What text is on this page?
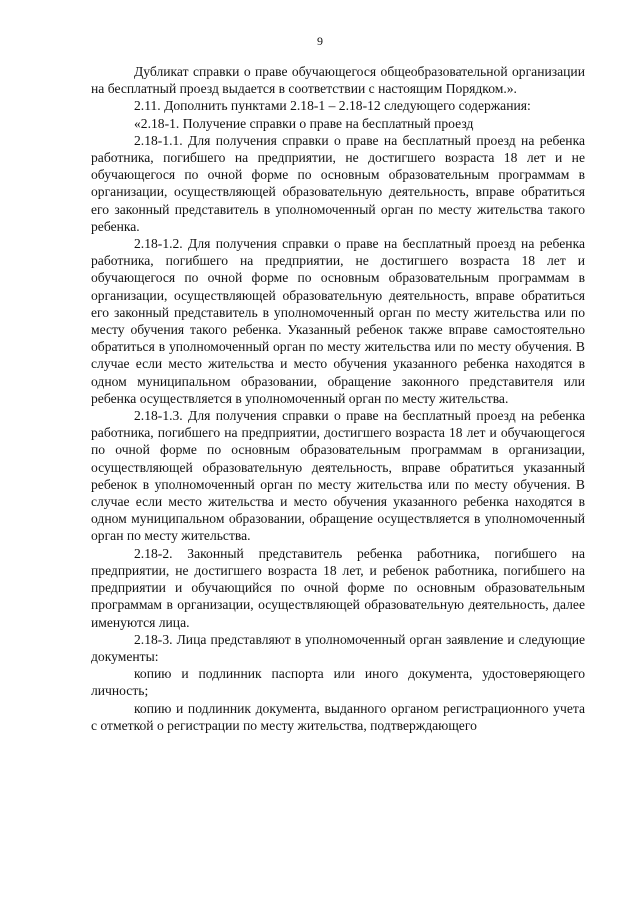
9

Дубликат справки о праве обучающегося общеобразовательной организации на бесплатный проезд выдается в соответствии с настоящим Порядком.».

2.11. Дополнить пунктами 2.18-1 – 2.18-12 следующего содержания:

«2.18-1. Получение справки о праве на бесплатный проезд

2.18-1.1. Для получения справки о праве на бесплатный проезд на ребенка работника, погибшего на предприятии, не достигшего возраста 18 лет и не обучающегося по очной форме по основным образовательным программам в организации, осуществляющей образовательную деятельность, вправе обратиться его законный представитель в уполномоченный орган по месту жительства такого ребенка.

2.18-1.2. Для получения справки о праве на бесплатный проезд на ребенка работника, погибшего на предприятии, не достигшего возраста 18 лет и обучающегося по очной форме по основным образовательным программам в организации, осуществляющей образовательную деятельность, вправе обратиться его законный представитель в уполномоченный орган по месту жительства или по месту обучения такого ребенка. Указанный ребенок также вправе самостоятельно обратиться в уполномоченный орган по месту жительства или по месту обучения. В случае если место жительства и место обучения указанного ребенка находятся в одном муниципальном образовании, обращение законного представителя или ребенка осуществляется в уполномоченный орган по месту жительства.

2.18-1.3. Для получения справки о праве на бесплатный проезд на ребенка работника, погибшего на предприятии, достигшего возраста 18 лет и обучающегося по очной форме по основным образовательным программам в организации, осуществляющей образовательную деятельность, вправе обратиться указанный ребенок в уполномоченный орган по месту жительства или по месту обучения. В случае если место жительства и место обучения указанного ребенка находятся в одном муниципальном образовании, обращение осуществляется в уполномоченный орган по месту жительства.

2.18-2. Законный представитель ребенка работника, погибшего на предприятии, не достигшего возраста 18 лет, и ребенок работника, погибшего на предприятии и обучающийся по очной форме по основным образовательным программам в организации, осуществляющей образовательную деятельность, далее именуются лица.

2.18-3. Лица представляют в уполномоченный орган заявление и следующие документы:

копию и подлинник паспорта или иного документа, удостоверяющего личность;

копию и подлинник документа, выданного органом регистрационного учета с отметкой о регистрации по месту жительства, подтверждающего
